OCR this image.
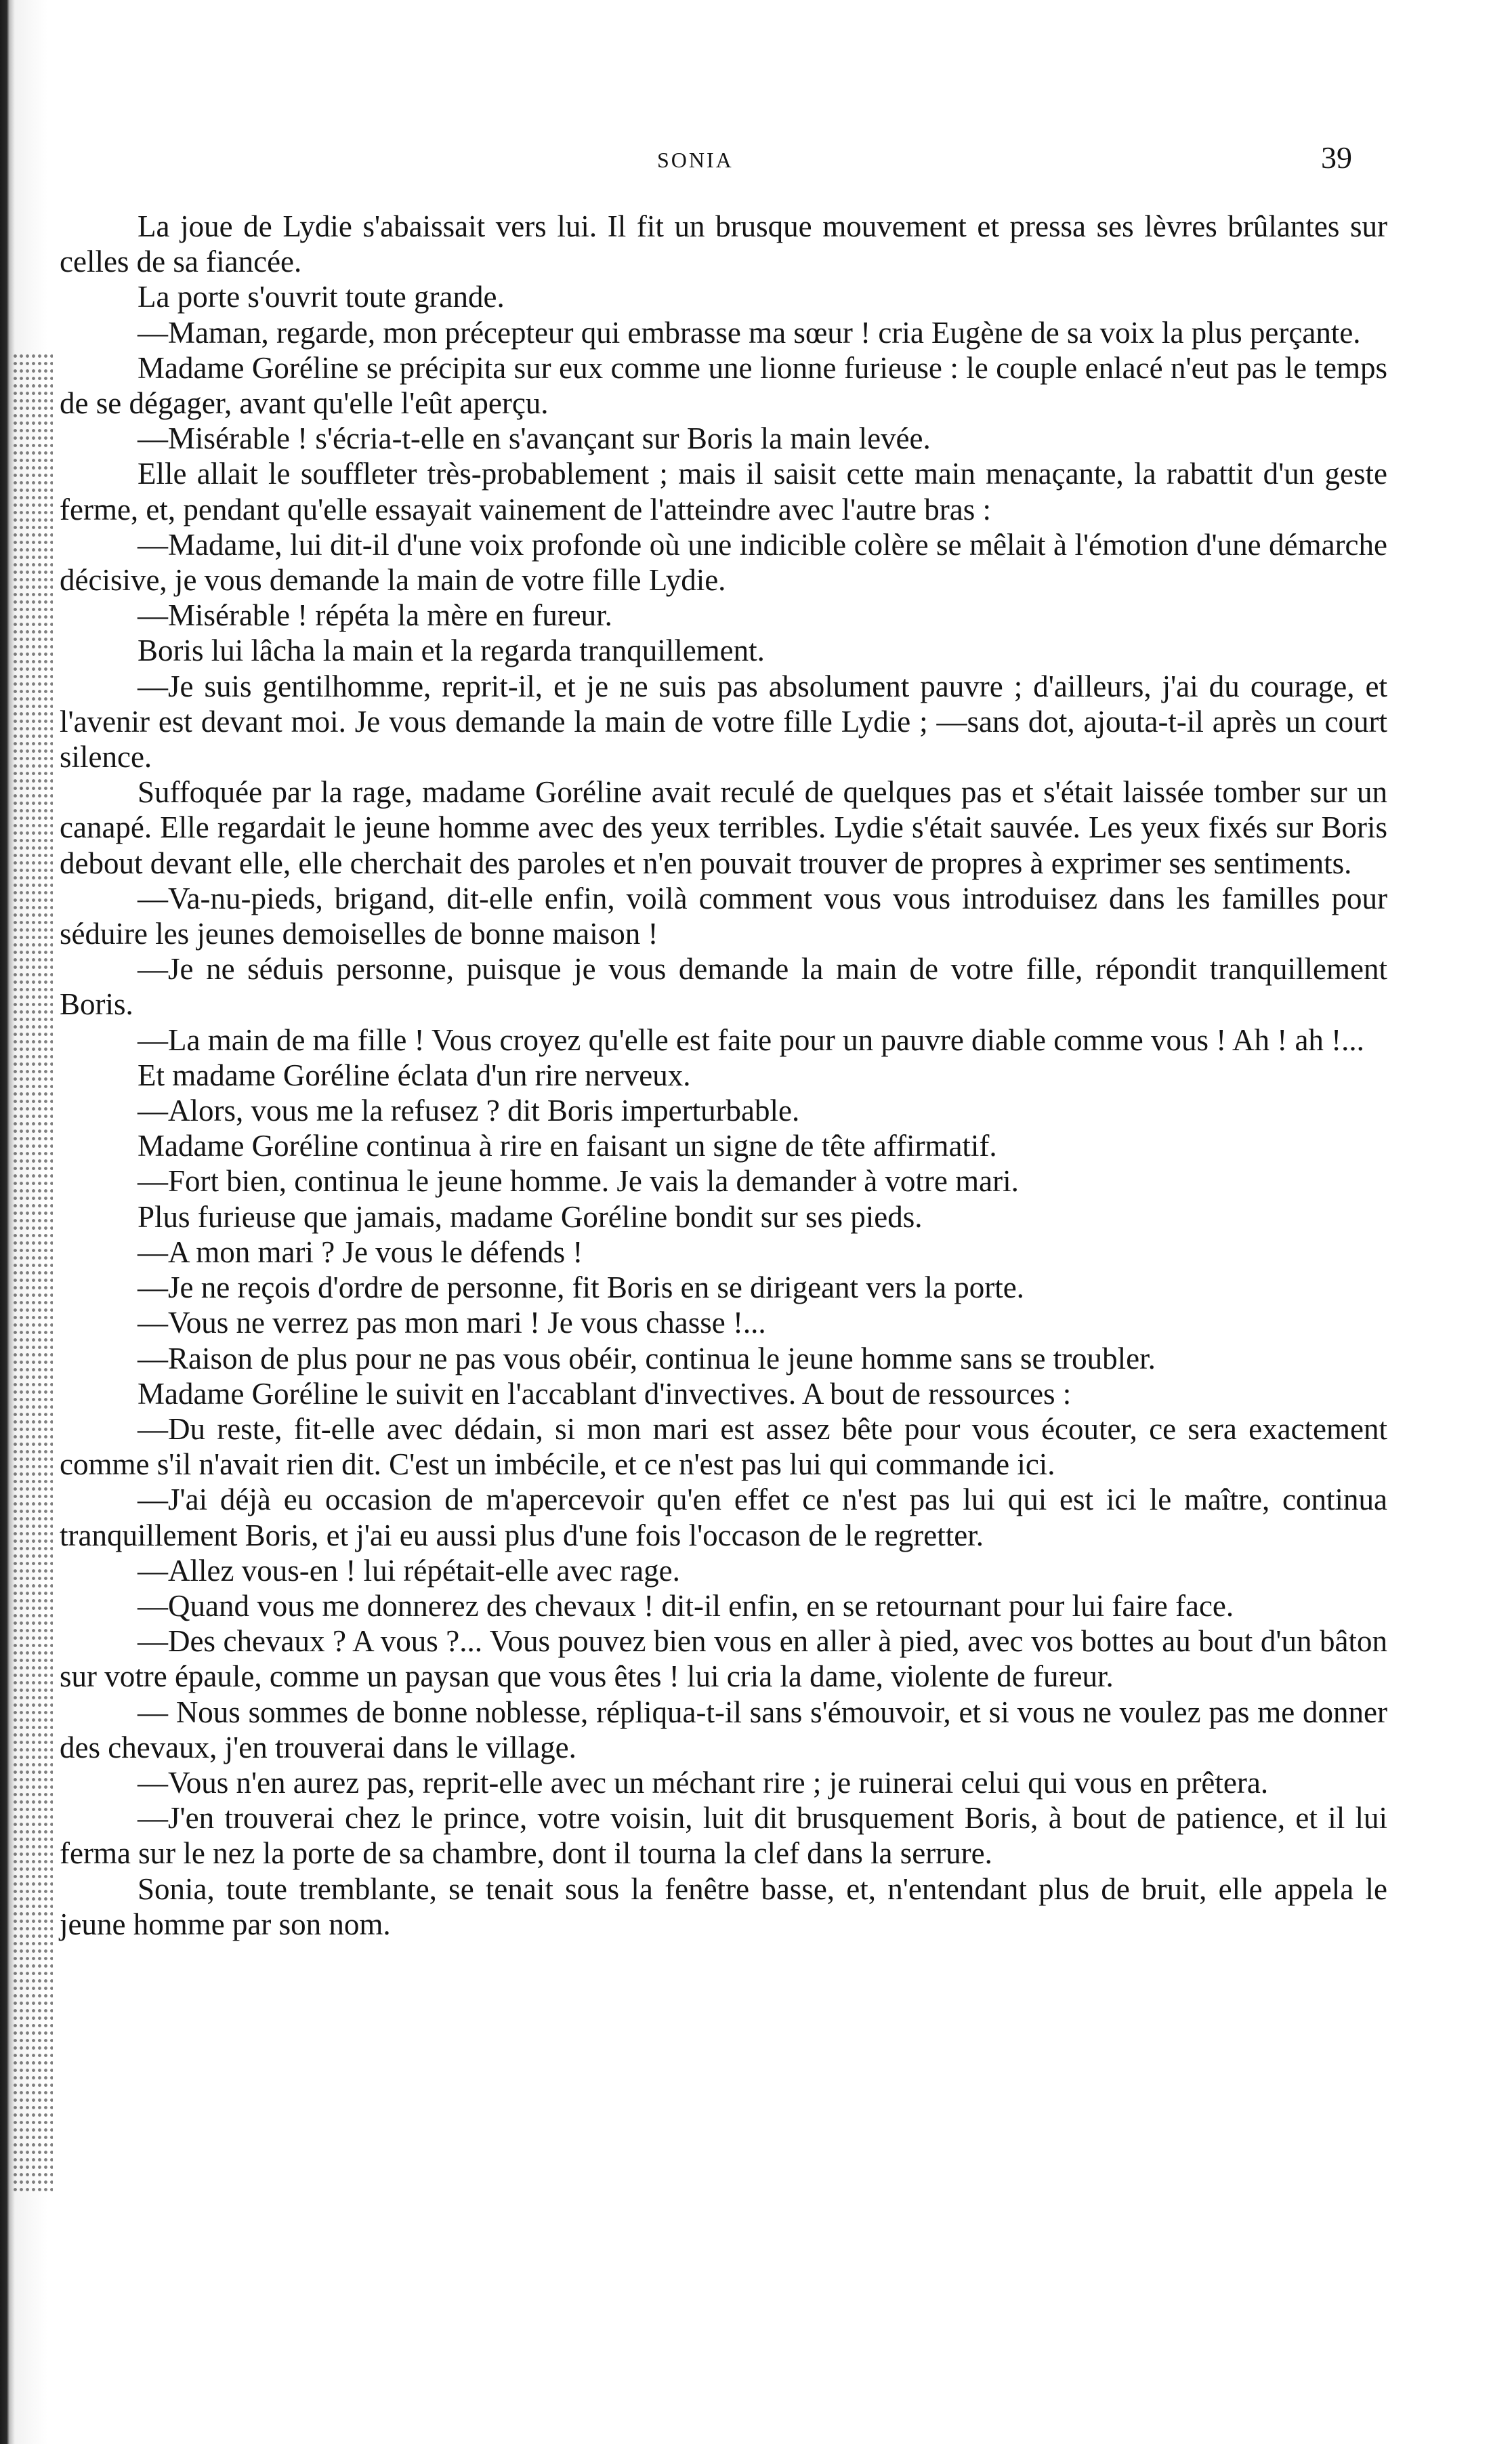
SONIA	39

La joue de Lydie s'abaissait vers lui. Il fit un brusque mouvement et pressa ses lèvres brûlantes sur celles de sa fiancée.

La porte s'ouvrit toute grande.

—Maman, regarde, mon précepteur qui embrasse ma sœur ! cria Eugène de sa voix la plus perçante.

Madame Goréline se précipita sur eux comme une lionne furieuse : le couple enlacé n'eut pas le temps de se dégager, avant qu'elle l'eût aperçu.

—Misérable ! s'écria-t-elle en s'avançant sur Boris la main levée.

Elle allait le souffleter très-probablement ; mais il saisit cette main menaçante, la rabattit d'un geste ferme, et, pendant qu'elle essayait vainement de l'atteindre avec l'autre bras :

—Madame, lui dit-il d'une voix profonde où une indicible colère se mêlait à l'émotion d'une démarche décisive, je vous demande la main de votre fille Lydie.

—Misérable ! répéta la mère en fureur.

Boris lui lâcha la main et la regarda tranquillement.

—Je suis gentilhomme, reprit-il, et je ne suis pas absolument pauvre ; d'ailleurs, j'ai du courage, et l'avenir est devant moi. Je vous demande la main de votre fille Lydie ; —sans dot, ajouta-t-il après un court silence.

Suffoquée par la rage, madame Goréline avait reculé de quelques pas et s'était laissée tomber sur un canapé. Elle regardait le jeune homme avec des yeux terribles. Lydie s'était sauvée. Les yeux fixés sur Boris debout devant elle, elle cherchait des paroles et n'en pouvait trouver de propres à exprimer ses sentiments.

—Va-nu-pieds, brigand, dit-elle enfin, voilà comment vous vous introduisez dans les familles pour séduire les jeunes demoiselles de bonne maison !

—Je ne séduis personne, puisque je vous demande la main de votre fille, répondit tranquillement Boris.

—La main de ma fille ! Vous croyez qu'elle est faite pour un pauvre diable comme vous ! Ah ! ah !...

Et madame Goréline éclata d'un rire nerveux.

—Alors, vous me la refusez ? dit Boris imperturbable.

Madame Goréline continua à rire en faisant un signe de tête affirmatif.

—Fort bien, continua le jeune homme. Je vais la demander à votre mari.

Plus furieuse que jamais, madame Goréline bondit sur ses pieds.

—A mon mari ? Je vous le défends !

—Je ne reçois d'ordre de personne, fit Boris en se dirigeant vers la porte.

—Vous ne verrez pas mon mari ! Je vous chasse !...

—Raison de plus pour ne pas vous obéir, continua le jeune homme sans se troubler.

Madame Goréline le suivit en l'accablant d'invectives. A bout de ressources :

—Du reste, fit-elle avec dédain, si mon mari est assez bête pour vous écouter, ce sera exactement comme s'il n'avait rien dit. C'est un imbécile, et ce n'est pas lui qui commande ici.

—J'ai déjà eu occasion de m'apercevoir qu'en effet ce n'est pas lui qui est ici le maître, continua tranquillement Boris, et j'ai eu aussi plus d'une fois l'occason de le regretter.

—Allez vous-en ! lui répétait-elle avec rage.

—Quand vous me donnerez des chevaux ! dit-il enfin, en se retournant pour lui faire face.

—Des chevaux ? A vous ?... Vous pouvez bien vous en aller à pied, avec vos bottes au bout d'un bâton sur votre épaule, comme un paysan que vous êtes ! lui cria la dame, violente de fureur.

— Nous sommes de bonne noblesse, répliqua-t-il sans s'émouvoir, et si vous ne voulez pas me donner des chevaux, j'en trouverai dans le village.

—Vous n'en aurez pas, reprit-elle avec un méchant rire ; je ruinerai celui qui vous en prêtera.

—J'en trouverai chez le prince, votre voisin, luit dit brusquement Boris, à bout de patience, et il lui ferma sur le nez la porte de sa chambre, dont il tourna la clef dans la serrure.

Sonia, toute tremblante, se tenait sous la fenêtre basse, et, n'entendant plus de bruit, elle appela le jeune homme par son nom.
